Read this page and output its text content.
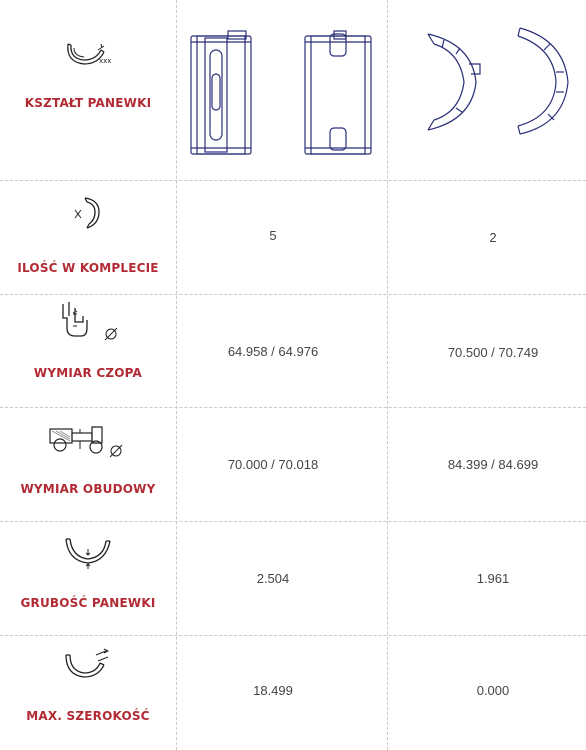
xxx
KSZTAŁT PANEWKI
ILOŚĆ W KOMPLECIE
5	2
WYMIAR CZOPA
64.958 / 64.976	70.500 / 70.749
WYMIAR OBUDOWY
70.000 / 70.018	84.399 / 84.699
GRUBOŚĆ PANEWKI
2.504	1.961
MAX. SZEROKOŚĆ
18.499	0.000
